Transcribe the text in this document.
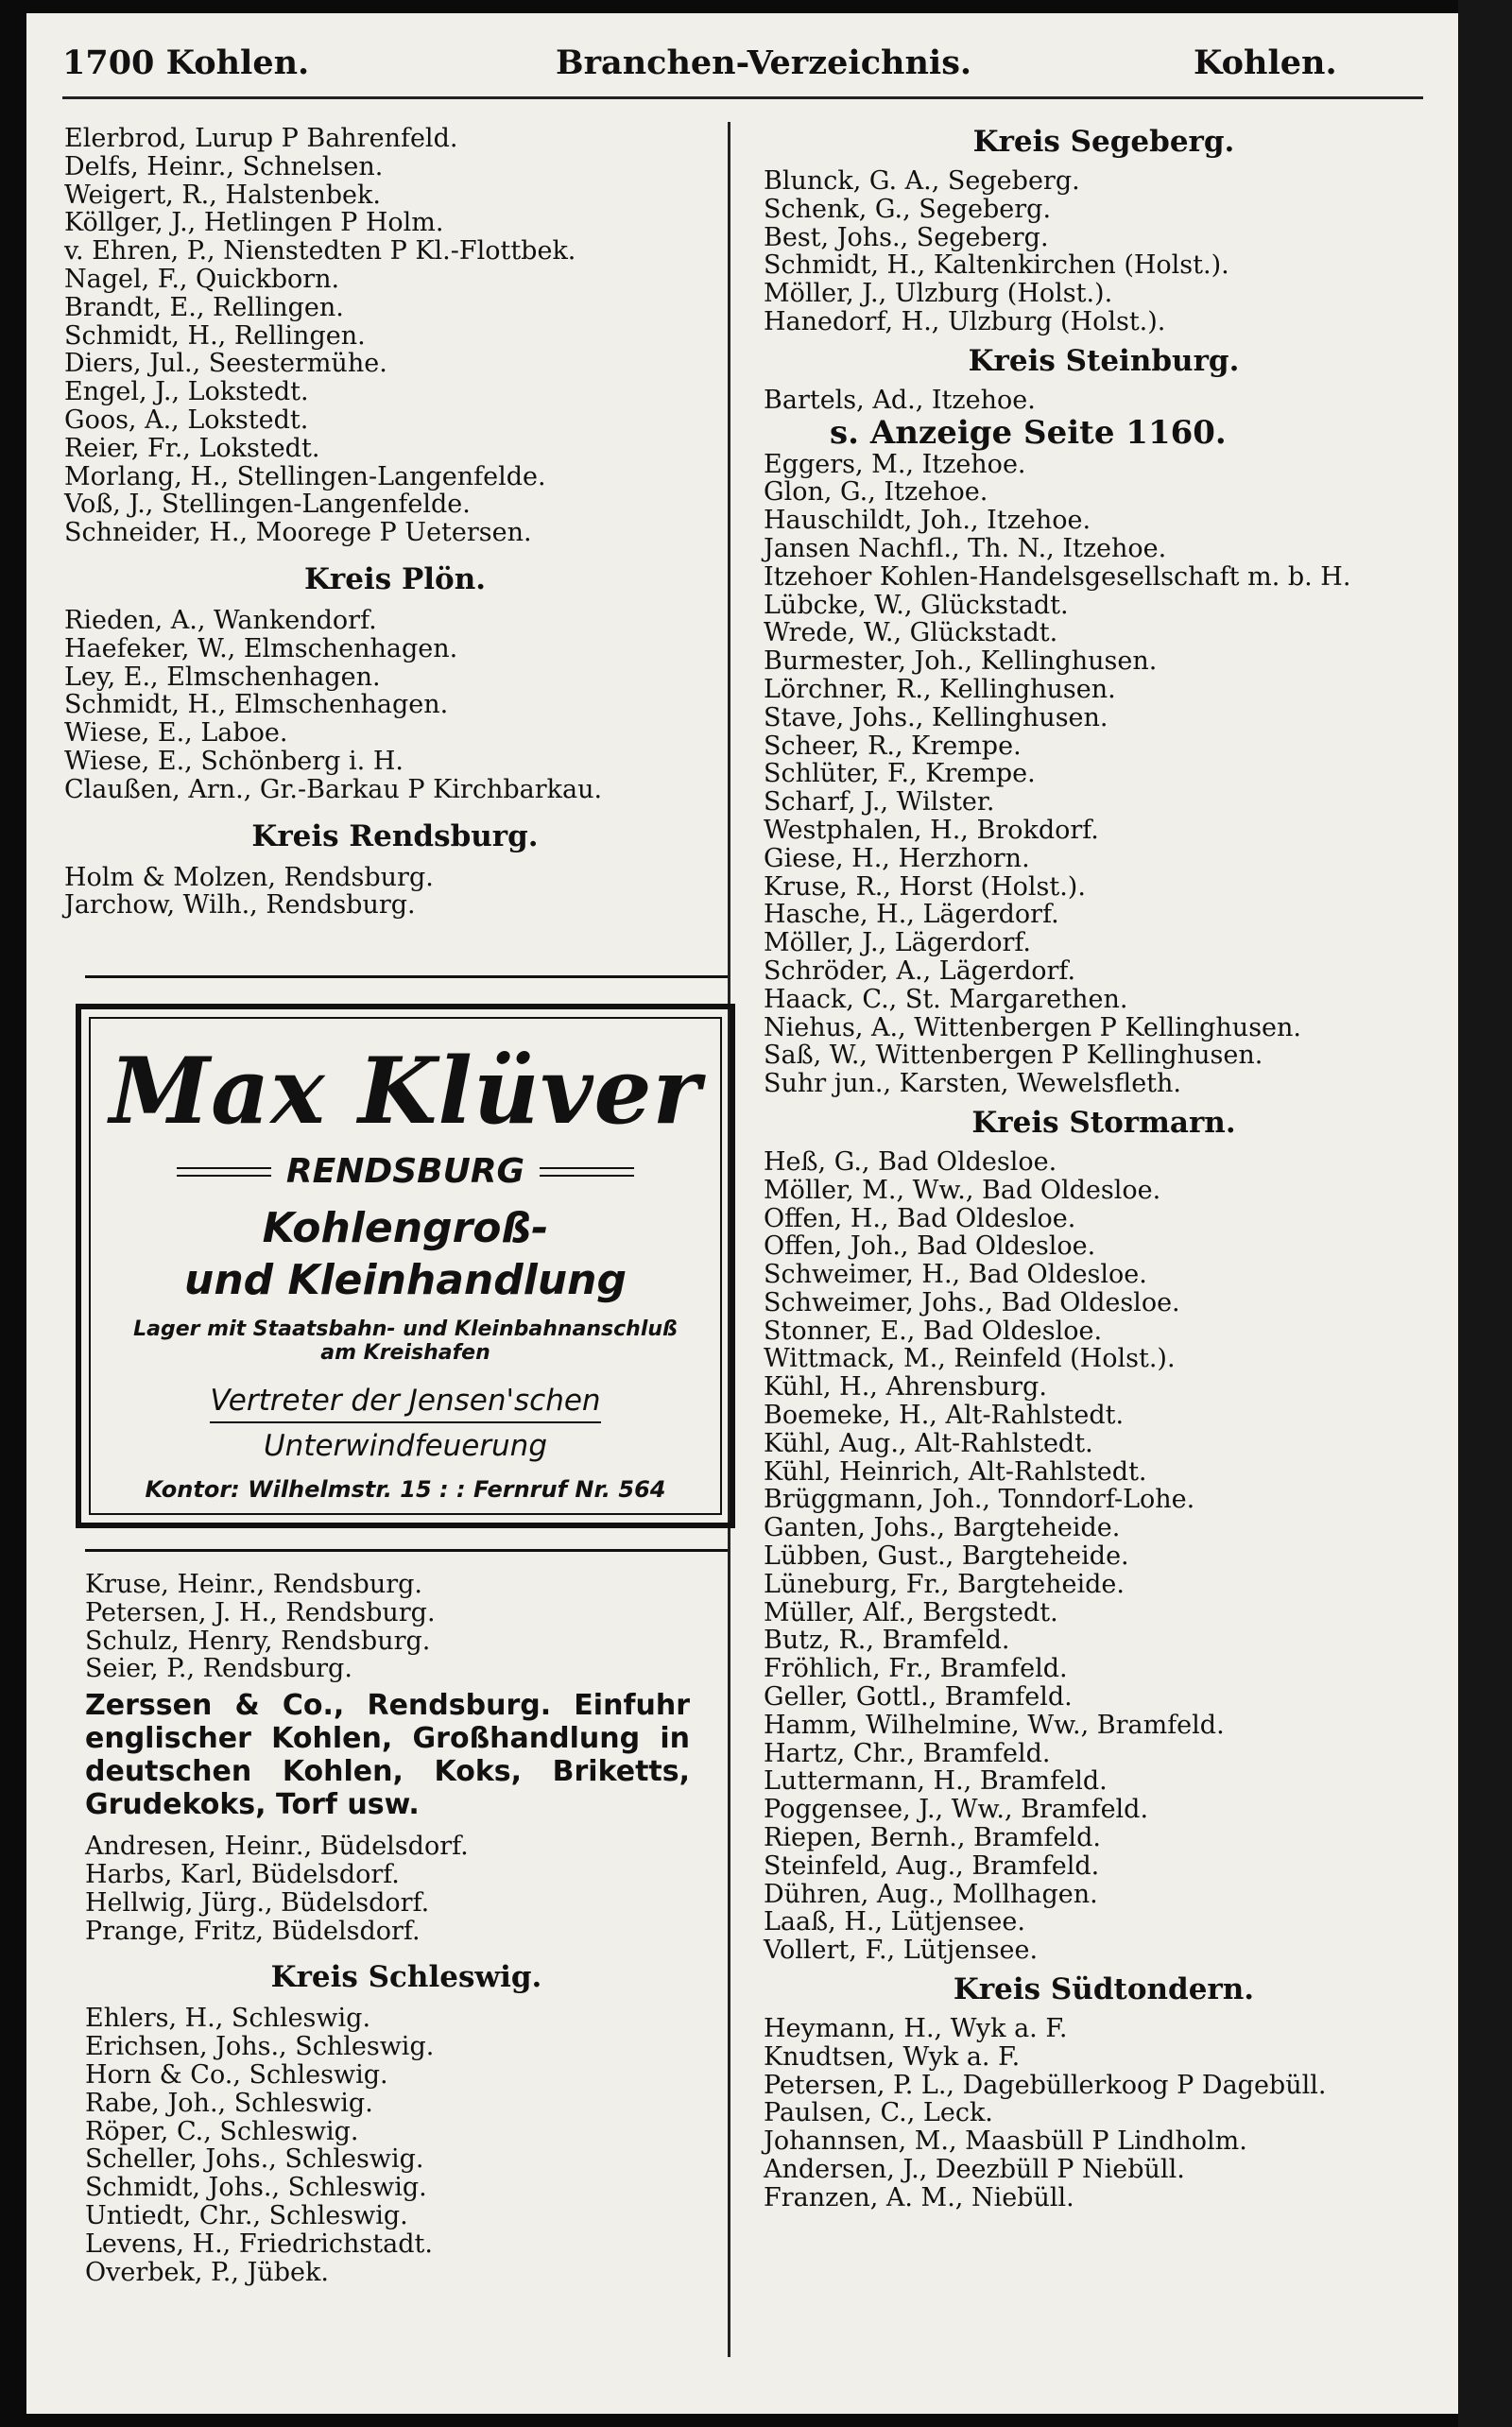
1700 Kohlen.	Branchen-Verzeichnis.	Kohlen.
Elerbrod, Lurup P Bahrenfeld.
Delfs, Heinr., Schnelsen.
Weigert, R., Halstenbek.
Köllger, J., Hetlingen P Holm.
v. Ehren, P., Nienstedten P Kl.-Flottbek.
Nagel, F., Quickborn.
Brandt, E., Rellingen.
Schmidt, H., Rellingen.
Diers, Jul., Seestermühe.
Engel, J., Lokstedt.
Goos, A., Lokstedt.
Reier, Fr., Lokstedt.
Morlang, H., Stellingen-Langenfelde.
Voß, J., Stellingen-Langenfelde.
Schneider, H., Moorege P Uetersen.
Kreis Plön.
Rieden, A., Wankendorf.
Haefeker, W., Elmschenhagen.
Ley, E., Elmschenhagen.
Schmidt, H., Elmschenhagen.
Wiese, E., Laboe.
Wiese, E., Schönberg i. H.
Claußen, Arn., Gr.-Barkau P Kirchbarkau.
Kreis Rendsburg.
Holm & Molzen, Rendsburg.
Jarchow, Wilh., Rendsburg.
Max Klüver
RENDSBURG
Kohlengroß-
und Kleinhandlung
Lager mit Staatsbahn- und Kleinbahnanschluß
am Kreishafen
Vertreter der Jensen'schen
Unterwindfeuerung
Kontor: Wilhelmstr. 15 : : Fernruf Nr. 564
Kruse, Heinr., Rendsburg.
Petersen, J. H., Rendsburg.
Schulz, Henry, Rendsburg.
Seier, P., Rendsburg.
Zerssen & Co., Rendsburg. Einfuhr englischer Kohlen, Großhandlung in deutschen Kohlen, Koks, Briketts, Grudekoks, Torf usw.
Andresen, Heinr., Büdelsdorf.
Harbs, Karl, Büdelsdorf.
Hellwig, Jürg., Büdelsdorf.
Prange, Fritz, Büdelsdorf.
Kreis Schleswig.
Ehlers, H., Schleswig.
Erichsen, Johs., Schleswig.
Horn & Co., Schleswig.
Rabe, Joh., Schleswig.
Röper, C., Schleswig.
Scheller, Johs., Schleswig.
Schmidt, Johs., Schleswig.
Untiedt, Chr., Schleswig.
Levens, H., Friedrichstadt.
Overbek, P., Jübek.
Kreis Segeberg.
Blunck, G. A., Segeberg.
Schenk, G., Segeberg.
Best, Johs., Segeberg.
Schmidt, H., Kaltenkirchen (Holst.).
Möller, J., Ulzburg (Holst.).
Hanedorf, H., Ulzburg (Holst.).
Kreis Steinburg.
Bartels, Ad., Itzehoe.
s. Anzeige Seite 1160.
Eggers, M., Itzehoe.
Glon, G., Itzehoe.
Hauschildt, Joh., Itzehoe.
Jansen Nachfl., Th. N., Itzehoe.
Itzehoer Kohlen-Handelsgesellschaft m. b. H.
Lübcke, W., Glückstadt.
Wrede, W., Glückstadt.
Burmester, Joh., Kellinghusen.
Lörchner, R., Kellinghusen.
Stave, Johs., Kellinghusen.
Scheer, R., Krempe.
Schlüter, F., Krempe.
Scharf, J., Wilster.
Westphalen, H., Brokdorf.
Giese, H., Herzhorn.
Kruse, R., Horst (Holst.).
Hasche, H., Lägerdorf.
Möller, J., Lägerdorf.
Schröder, A., Lägerdorf.
Haack, C., St. Margarethen.
Niehus, A., Wittenbergen P Kellinghusen.
Saß, W., Wittenbergen P Kellinghusen.
Suhr jun., Karsten, Wewelsfleth.
Kreis Stormarn.
Heß, G., Bad Oldesloe.
Möller, M., Ww., Bad Oldesloe.
Offen, H., Bad Oldesloe.
Offen, Joh., Bad Oldesloe.
Schweimer, H., Bad Oldesloe.
Schweimer, Johs., Bad Oldesloe.
Stonner, E., Bad Oldesloe.
Wittmack, M., Reinfeld (Holst.).
Kühl, H., Ahrensburg.
Boemeke, H., Alt-Rahlstedt.
Kühl, Aug., Alt-Rahlstedt.
Kühl, Heinrich, Alt-Rahlstedt.
Brüggmann, Joh., Tonndorf-Lohe.
Ganten, Johs., Bargteheide.
Lübben, Gust., Bargteheide.
Lüneburg, Fr., Bargteheide.
Müller, Alf., Bergstedt.
Butz, R., Bramfeld.
Fröhlich, Fr., Bramfeld.
Geller, Gottl., Bramfeld.
Hamm, Wilhelmine, Ww., Bramfeld.
Hartz, Chr., Bramfeld.
Luttermann, H., Bramfeld.
Poggensee, J., Ww., Bramfeld.
Riepen, Bernh., Bramfeld.
Steinfeld, Aug., Bramfeld.
Dühren, Aug., Mollhagen.
Laaß, H., Lütjensee.
Vollert, F., Lütjensee.
Kreis Südtondern.
Heymann, H., Wyk a. F.
Knudtsen, Wyk a. F.
Petersen, P. L., Dagebüllerkoog P Dagebüll.
Paulsen, C., Leck.
Johannsen, M., Maasbüll P Lindholm.
Andersen, J., Deezbüll P Niebüll.
Franzen, A. M., Niebüll.
